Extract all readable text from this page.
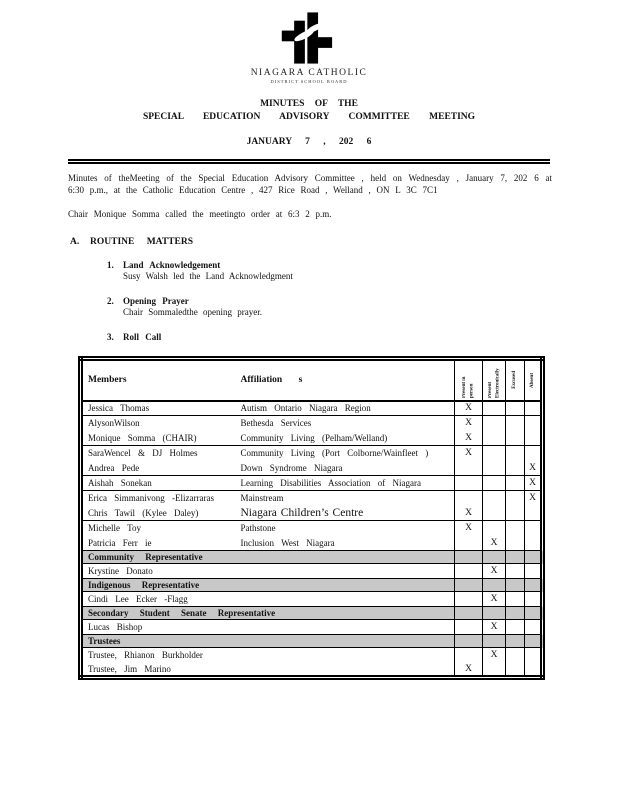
NIAGARA CATHOLIC
DISTRICT SCHOOL BOARD
MINUTES OF THE
SPECIAL EDUCATION ADVISORY COMMITTEE MEETING
JANUARY 7 , 202 6

Minutes of theMeeting of the Special Education Advisory Committee , held on Wednesday , January 7, 202 6 at 6:30 p.m., at the Catholic Education Centre , 427 Rice Road , Welland , ON L 3C 7C1

Chair Monique Somma called the meetingto order at 6:3 2 p.m.

A. ROUTINE MATTERS
1.	Land Acknowledgement
Susy Walsh led the Land Acknowledgment
2.	Opening Prayer
Chair Sommaledthe opening prayer.
3.	Roll Call
Members	Affiliation s	Present in person	Present Electronically	Excused	Absent

Jessica Thomas	Autism Ontario Niagara Region	X			
AlysonWilson	Bethesda Services	X			
Monique Somma (CHAIR)	Community Living (Pelham/Welland)	X			
SaraWencel & DJ Holmes	Community Living (Port Colborne/Wainfleet )	X			
Andrea Pede	Down Syndrome Niagara				X
Aishah Sonekan	Learning Disabilities Association of Niagara				X
Erica Simmanivong -Elizarraras	Mainstream				X
Chris Tawil (Kylee Daley)	Niagara Children’s Centre	X			
Michelle Toy	Pathstone	X			
Patricia Ferr ie	Inclusion West Niagara		X		
Community Representative					
Krystine Donato			X		
Indigenous Representative					
Cindi Lee Ecker -Flagg			X		
Secondary Student Senate Representative					
Lucas Bishop			X		
Trustees					
Trustee, Rhianon Burkholder			X		
Trustee, Jim Marino		X			
